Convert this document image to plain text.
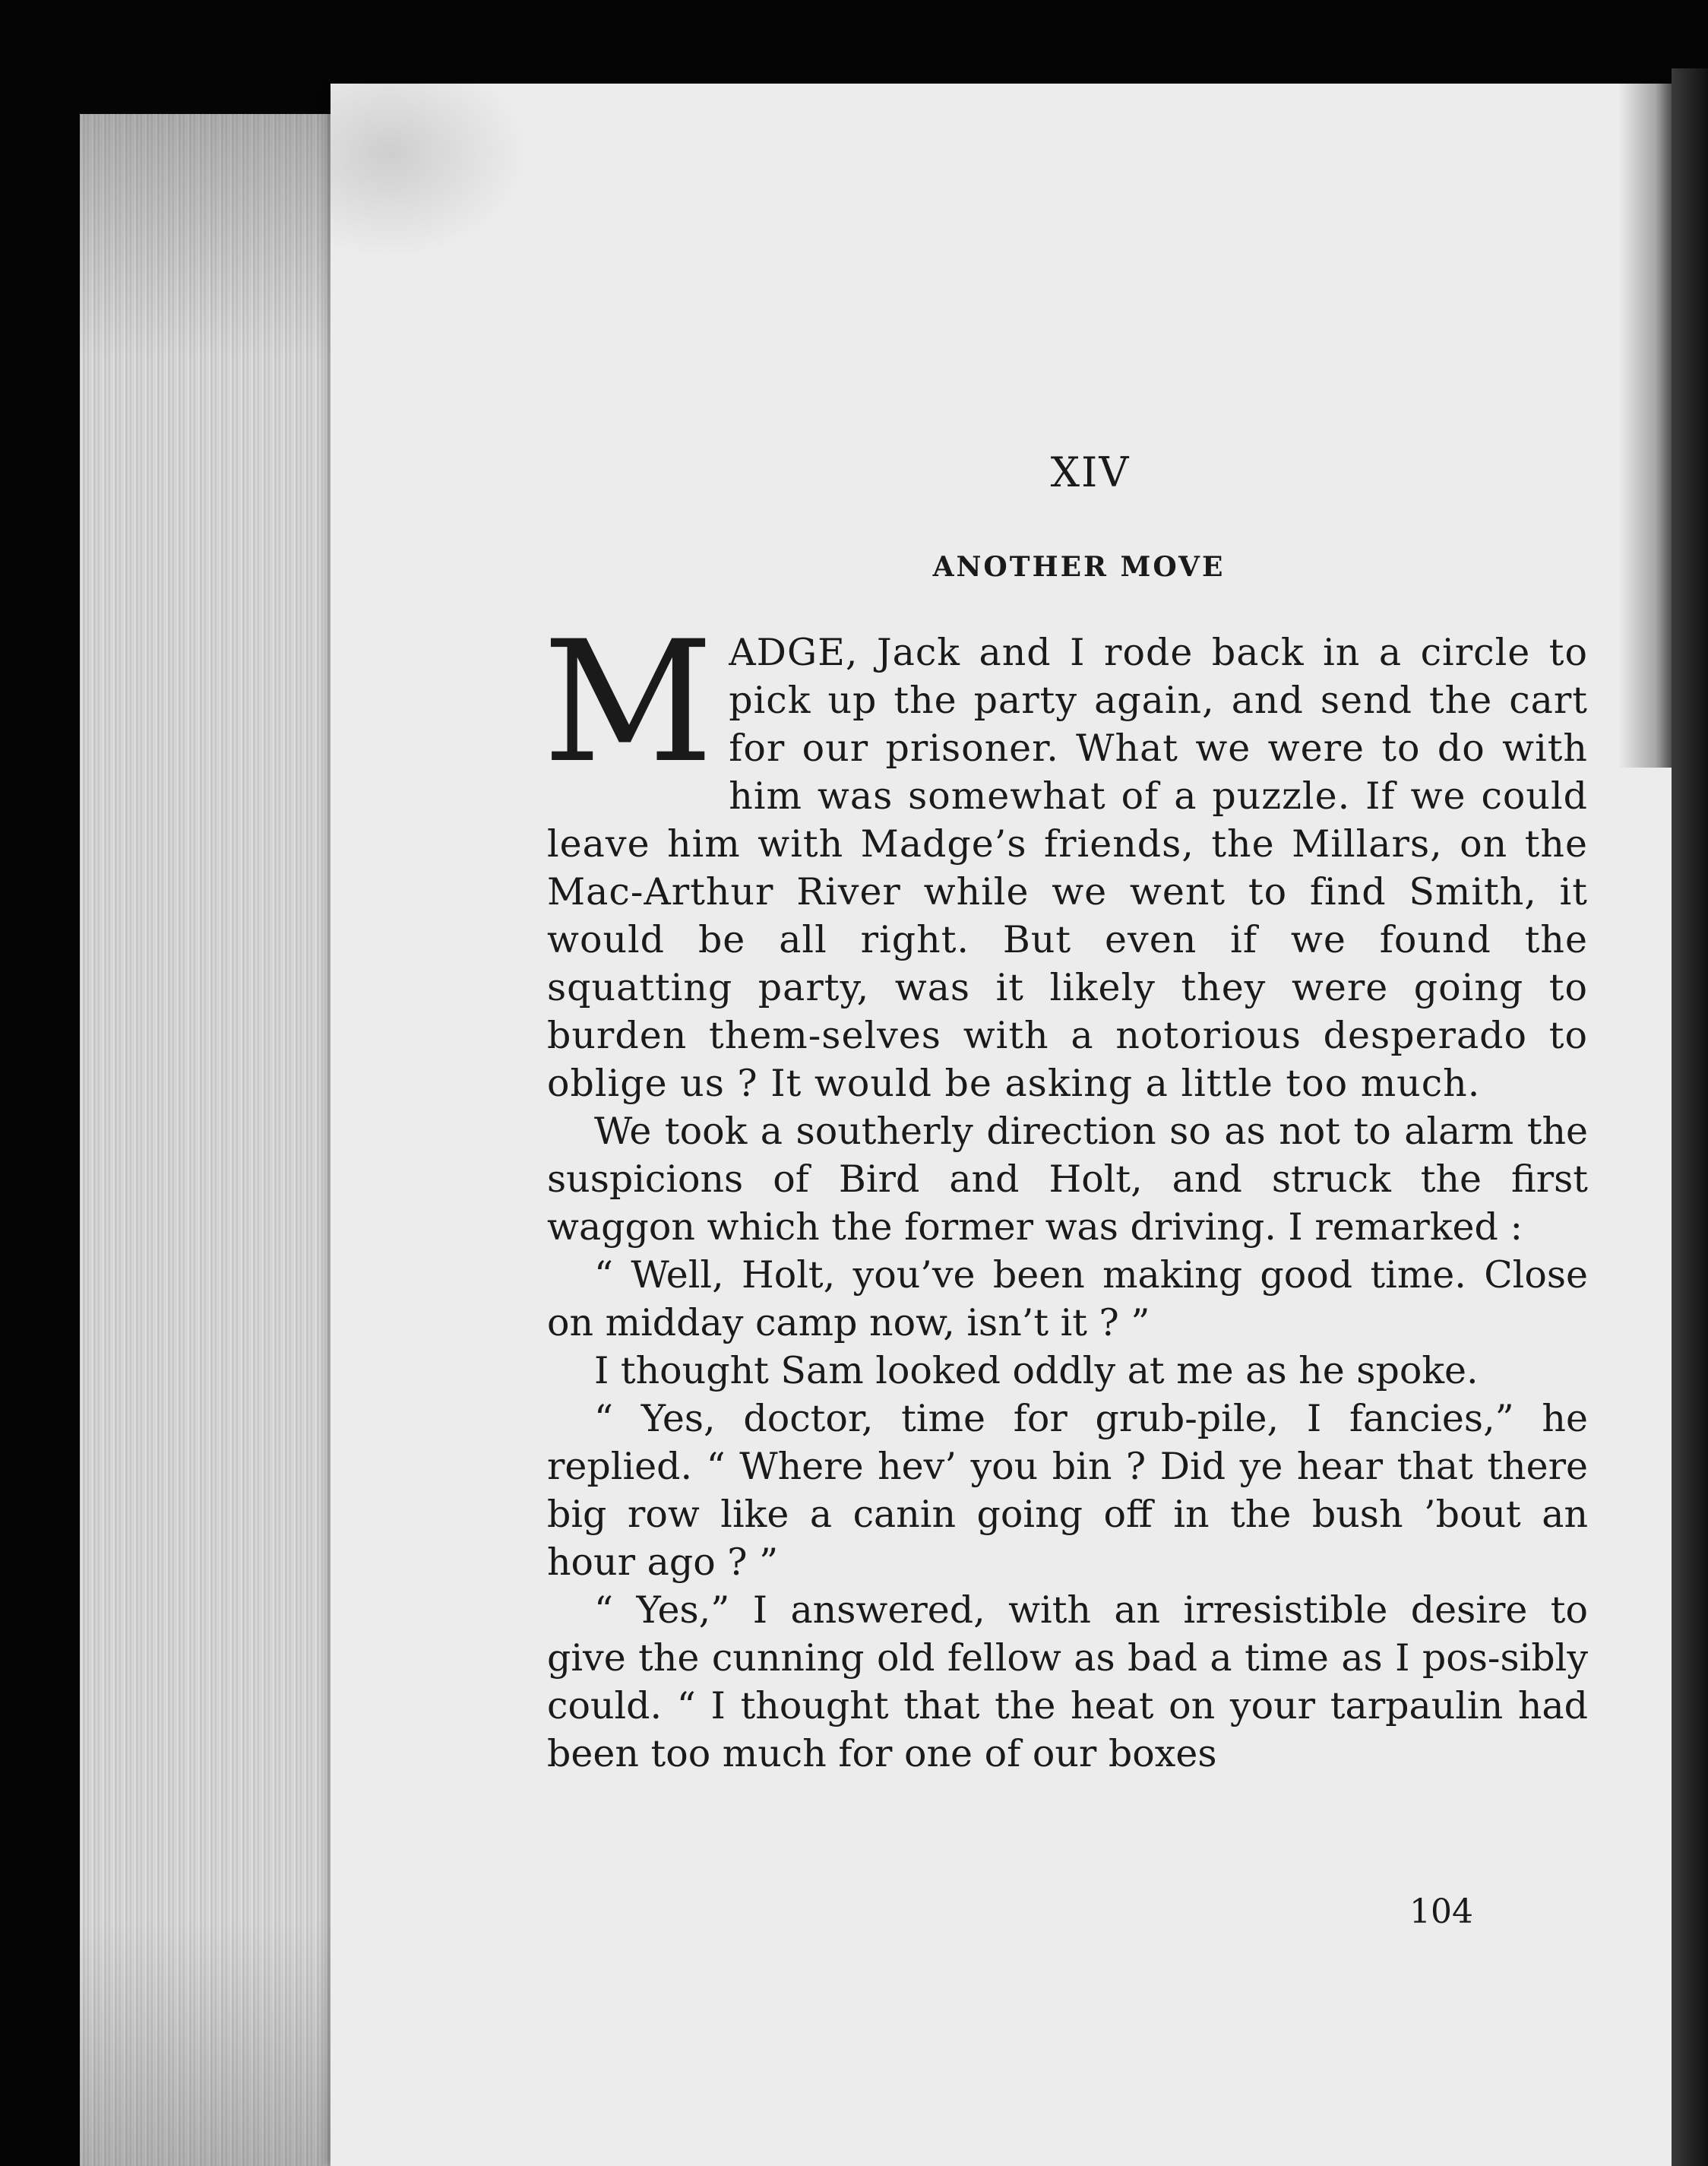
XIV
ANOTHER MOVE

MADGE, Jack and I rode back in a circle to pick up the party again, and send the cart for our prisoner. What we were to do with him was somewhat of a puzzle. If we could leave him with Madge’s friends, the Millars, on the Mac-Arthur River while we went to find Smith, it would be all right. But even if we found the squatting party, was it likely they were going to burden them-selves with a notorious desperado to oblige us ? It would be asking a little too much.

We took a southerly direction so as not to alarm the suspicions of Bird and Holt, and struck the first waggon which the former was driving. I remarked :

“ Well, Holt, you’ve been making good time. Close on midday camp now, isn’t it ? ”

I thought Sam looked oddly at me as he spoke.

“ Yes, doctor, time for grub-pile, I fancies,” he replied. “ Where hev’ you bin ? Did ye hear that there big row like a canin going off in the bush ’bout an hour ago ? ”

“ Yes,” I answered, with an irresistible desire to give the cunning old fellow as bad a time as I pos-sibly could. “ I thought that the heat on your tarpaulin had been too much for one of our boxes

104
